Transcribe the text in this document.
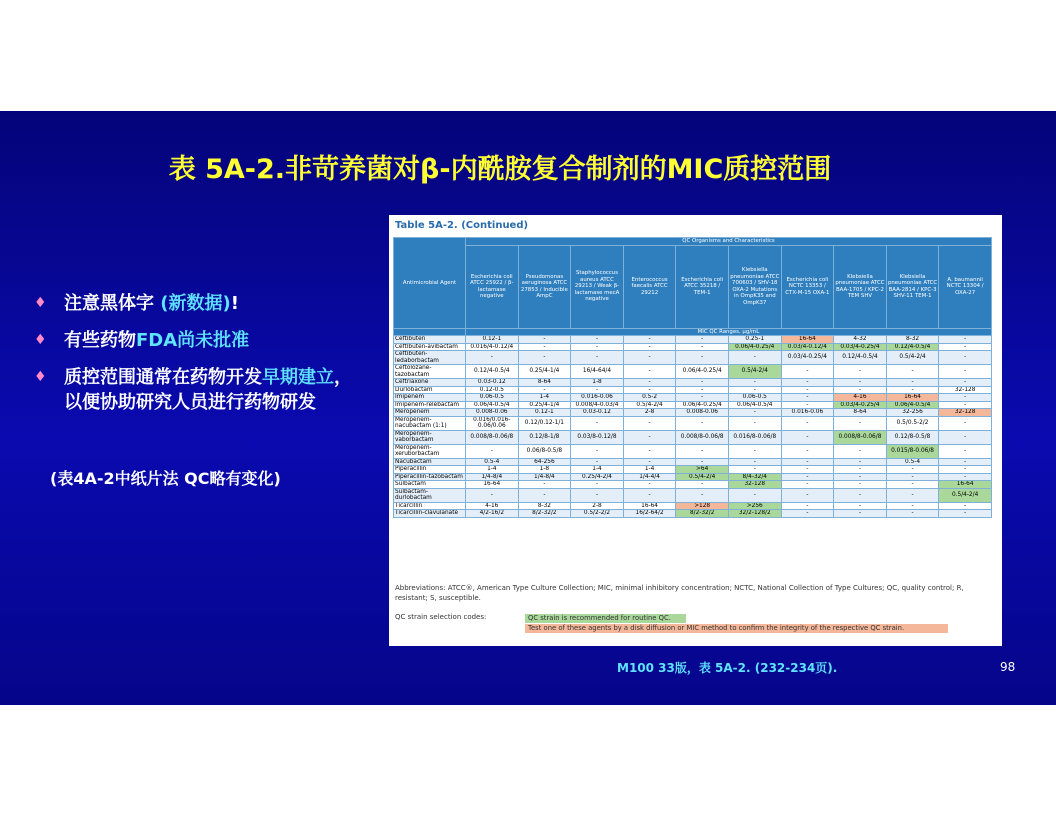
表 5A-2.非苛养菌对β-内酰胺复合制剂的MIC质控范围
♦ 注意黑体字 (新数据)!
♦ 有些药物FDA尚未批准
♦ 质控范围通常在药物开发早期建立，以便协助研究人员进行药物研发
(表4A-2中纸片法 QC略有变化)
Table 5A-2. (Continued)
Antimicrobial Agent	QC Organisms and Characteristics									
	Escherichia coli ATCC 25922 / β-lactamase negative	Pseudomonas aeruginosa ATCC 27853 / Inducible AmpC	Staphylococcus aureus ATCC 29213 / Weak β-lactamase mecA negative	Enterococcus faecalis ATCC 29212	Escherichia coli ATCC 35218 / TEM-1	Klebsiella pneumoniae ATCC 700603 / SHV-18 OXA-2 Mutations in OmpK35 and OmpK37	Escherichia coli NCTC 13353 / CTX-M-15 OXA-1	Klebsiella pneumoniae ATCC BAA-1705 / KPC-2 TEM SHV	Klebsiella pneumoniae ATCC BAA-2814 / KPC-3 SHV-11 TEM-1	A. baumannii NCTC 13304 / OXA-27
	MIC QC Ranges, µg/mL									
Ceftibuten	0.12-1	-	-	-	-	0.25-1	16-64	4-32	8-32	-
Ceftibuten-avibactam	0.016/4-0.12/4	-	-	-	-	0.06/4-0.25/4	0.03/4-0.12/4	0.03/4-0.25/4	0.12/4-0.5/4	-
Ceftibuten-ledaborbactam	-	-	-	-	-	-	0.03/4-0.25/4	0.12/4-0.5/4	0.5/4-2/4	-
Ceftolozane-tazobactam	0.12/4-0.5/4	0.25/4-1/4	16/4-64/4	-	0.06/4-0.25/4	0.5/4-2/4	-	-	-	-
Ceftriaxone	0.03-0.12	8-64	1-8	-	-	-	-	-	-	-
Durlobactam	0.12-0.5	-	-	-	-	-	-	-	-	32-128
Imipenem	0.06-0.5	1-4	0.016-0.06	0.5-2	-	0.06-0.5	-	4-16	16-64	-
Imipenem-relebactam	0.06/4-0.5/4	0.25/4-1/4	0.008/4-0.03/4	0.5/4-2/4	0.06/4-0.25/4	0.06/4-0.5/4	-	0.03/4-0.25/4	0.06/4-0.5/4	-
Meropenem	0.008-0.06	0.12-1	0.03-0.12	2-8	0.008-0.06	-	0.016-0.06	8-64	32-256	32-128
Meropenem-nacubactam (1:1)	0.016/0.016-0.06/0.06	0.12/0.12-1/1	-	-	-	-	-	-	0.5/0.5-2/2	-
Meropenem-vaborbactam	0.008/8-0.06/8	0.12/8-1/8	0.03/8-0.12/8	-	0.008/8-0.06/8	0.016/8-0.06/8	-	0.008/8-0.06/8	0.12/8-0.5/8	-
Meropenem-xeruborbactam	-	0.06/8-0.5/8	-	-	-	-	-	-	0.015/8-0.06/8	-
Nacubactam	0.5-4	64-256	-	-	-	-	-	-	0.5-4	-
Piperacillin	1-4	1-8	1-4	1-4	>64	-	-	-	-	-
Piperacillin-tazobactam	1/4-8/4	1/4-8/4	0.25/4-2/4	1/4-4/4	0.5/4-2/4	8/4-32/4	-	-	-	-
Sulbactam	16-64	-	-	-	-	32-128	-	-	-	16-64
Sulbactam-durlobactam	-	-	-	-	-	-	-	-	-	0.5/4-2/4
Ticarcillin	4-16	8-32	2-8	16-64	>128	>256	-	-	-	-
Ticarcillin-clavulanate	4/2-16/2	8/2-32/2	0.5/2-2/2	16/2-64/2	8/2-32/2	32/2-128/2	-	-	-	-
Abbreviations: ATCC®, American Type Culture Collection; MIC, minimal inhibitory concentration; NCTC, National Collection of Type Cultures; QC, quality control; R, resistant; S, susceptible.
QC strain selection codes:	QC strain is recommended for routine QC.
Test one of these agents by a disk diffusion or MIC method to confirm the integrity of the respective QC strain.
M100 33版，表 5A-2. (232-234页).	98
